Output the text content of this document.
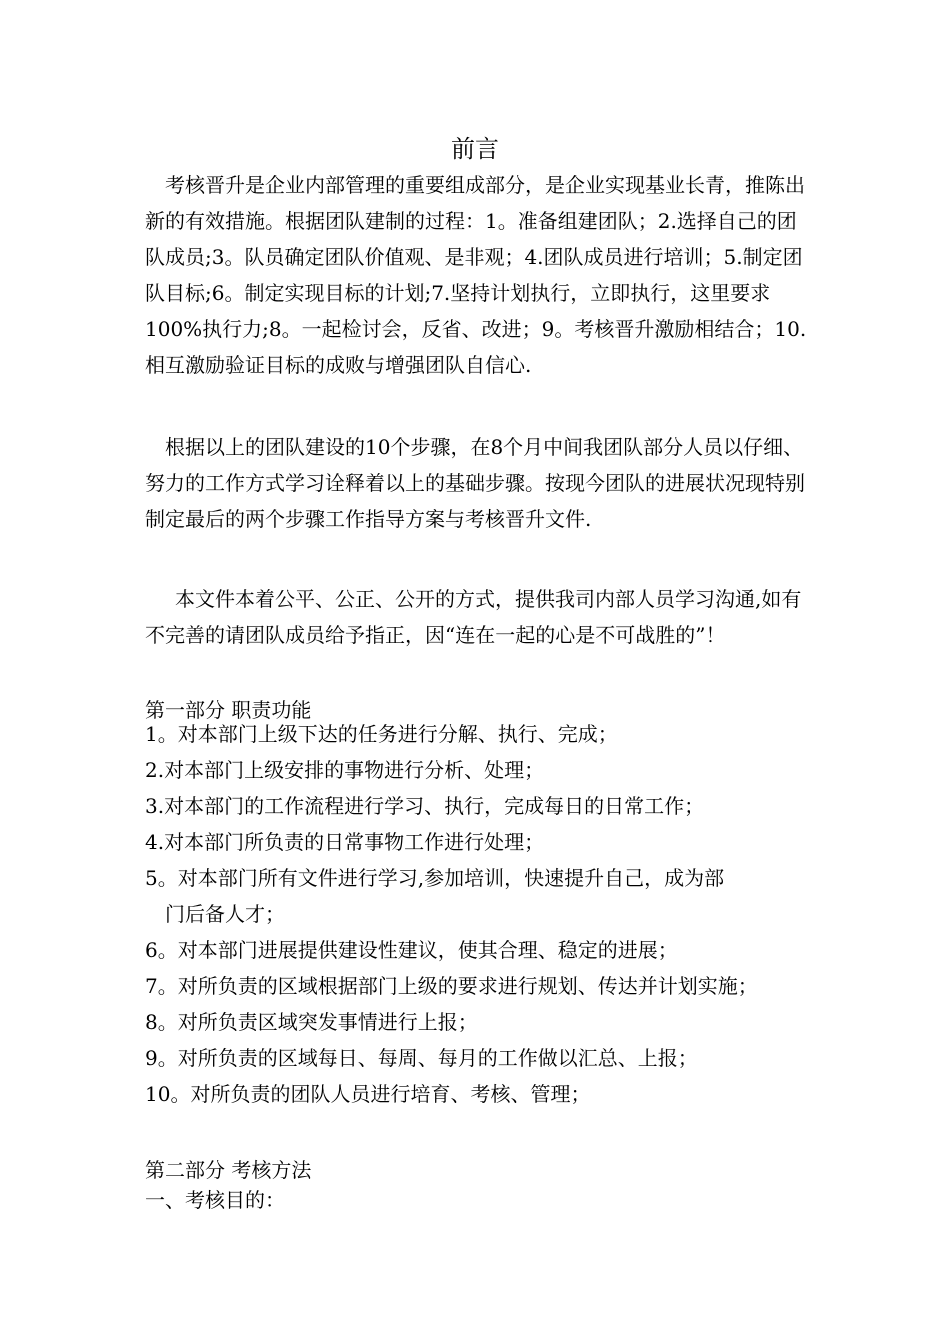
前言

考核晋升是企业内部管理的重要组成部分，是企业实现基业长青，推陈出新的有效措施。根据团队建制的过程：1。准备组建团队；2.选择自己的团队成员;3。队员确定团队价值观、是非观；4.团队成员进行培训；5.制定团队目标;6。制定实现目标的计划;7.坚持计划执行，立即执行，这里要求100%执行力;8。一起检讨会，反省、改进；9。考核晋升激励相结合；10.相互激励验证目标的成败与增强团队自信心.

根据以上的团队建设的10个步骤，在8个月中间我团队部分人员以仔细、努力的工作方式学习诠释着以上的基础步骤。按现今团队的进展状况现特别制定最后的两个步骤工作指导方案与考核晋升文件.

本文件本着公平、公正、公开的方式，提供我司内部人员学习沟通,如有不完善的请团队成员给予指正，因“连在一起的心是不可战胜的”！

第一部分 职责功能
1。对本部门上级下达的任务进行分解、执行、完成；
2.对本部门上级安排的事物进行分析、处理；
3.对本部门的工作流程进行学习、执行，完成每日的日常工作；
4.对本部门所负责的日常事物工作进行处理；
5。对本部门所有文件进行学习,参加培训，快速提升自己，成为部
门后备人才；
6。对本部门进展提供建设性建议，使其合理、稳定的进展；
7。对所负责的区域根据部门上级的要求进行规划、传达并计划实施；
8。对所负责区域突发事情进行上报；
9。对所负责的区域每日、每周、每月的工作做以汇总、上报；
10。对所负责的团队人员进行培育、考核、管理；
第二部分 考核方法
一、考核目的：
